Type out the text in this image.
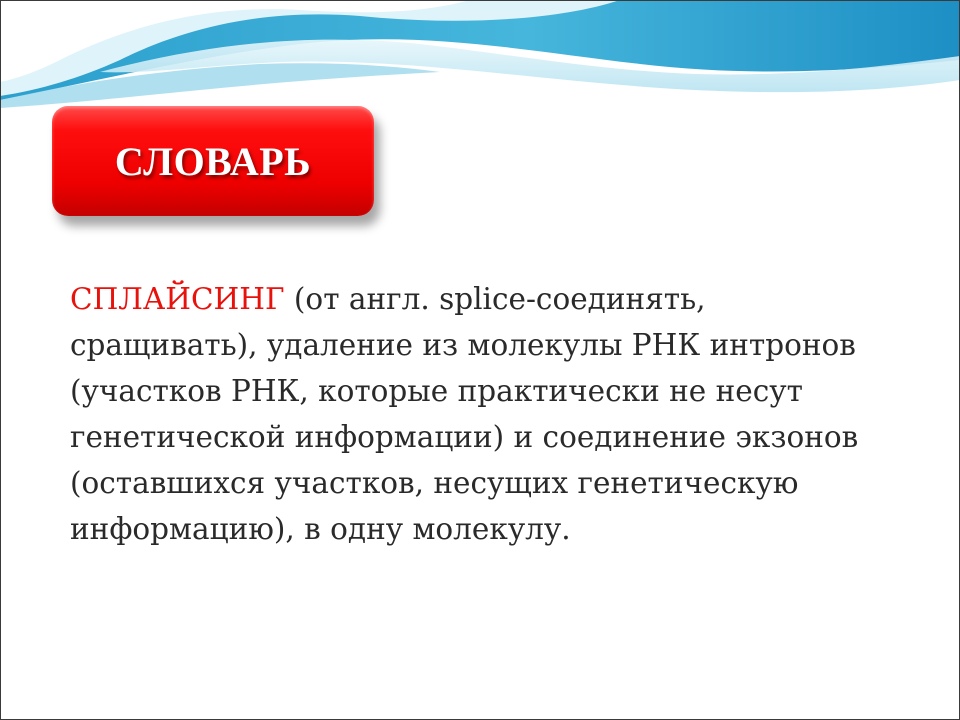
СЛОВАРЬ

СПЛАЙСИНГ (от англ. splice-соединять, сращивать), удаление из молекулы РНК интронов (участков РНК, которые практически не несут генетической информации) и соединение экзонов (оставшихся участков, несущих генетическую информацию), в одну молекулу.
